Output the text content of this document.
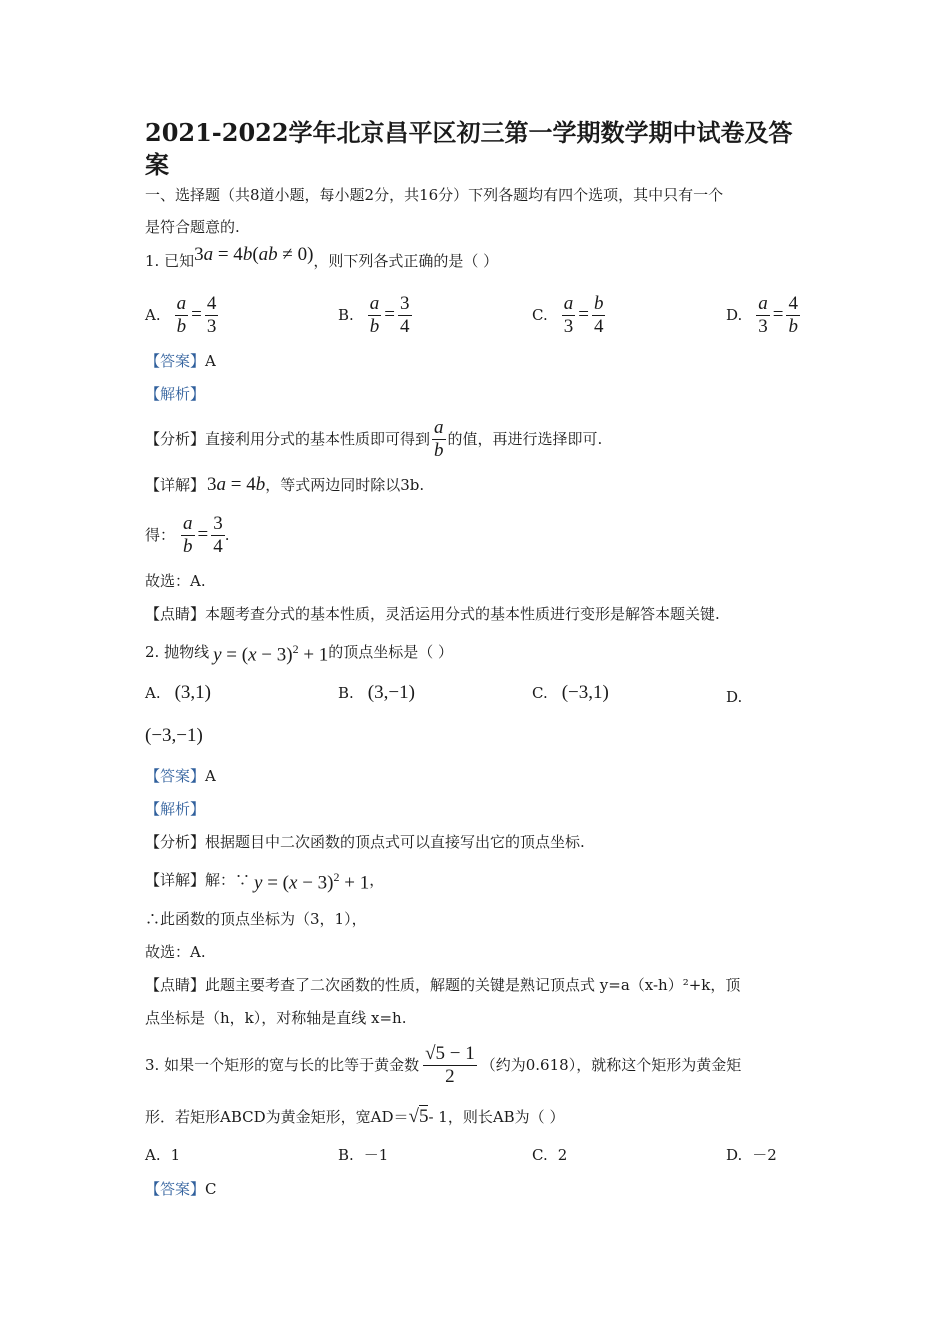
2021-2022学年北京昌平区初三第一学期数学期中试卷及答
案
一、选择题（共8道小题，每小题2分，共16分）下列各题均有四个选项，其中只有一个
是符合题意的.
1. 已知3a = 4b(ab ≠ 0)，则下列各式正确的是（ ）
A. $\frac{a}{b} = \frac{4}{3}$	B. $\frac{a}{b} = \frac{3}{4}$	C. $\frac{a}{3} = \frac{b}{4}$	D. $\frac{a}{3} = \frac{4}{b}$
【答案】A
【解析】
【分析】 直接利用分式的基本性质即可得到 $\frac{a}{b}$ 的值，再进行选择即可.
【详解】 3a = 4b ，等式两边同时除以3b.
得： $\frac{a}{b} = \frac{3}{4}$ .
故选：A.
【点睛】本题考查分式的基本性质，灵活运用分式的基本性质进行变形是解答本题关键.
2. 抛物线 $y = (x - 3)^2 + 1$ 的顶点坐标是（ ）
A. (3,1)	B. (3,−1)	C. (−3,1)	D.
(−3,−1)
【答案】A
【解析】
【分析】根据题目中二次函数的顶点式可以直接写出它的顶点坐标.
【详解】 解：∵ $y = (x - 3)^2 + 1$ ，
∴此函数的顶点坐标为（3，1），
故选：A.
【点睛】此题主要考查了二次函数的性质，解题的关键是熟记顶点式 y=a（x-h）²+k，顶
点坐标是（h，k），对称轴是直线 x=h.
3. 如果一个矩形的宽与长的比等于黄金数 $\frac{√5 - 1}{2}$ （约为0.618），就称这个矩形为黄金矩
形．若矩形ABCD为黄金矩形，宽AD＝ √5 - 1，则长AB为（ ）
A. 1	B. －1	C. 2	D. －2
【答案】C
